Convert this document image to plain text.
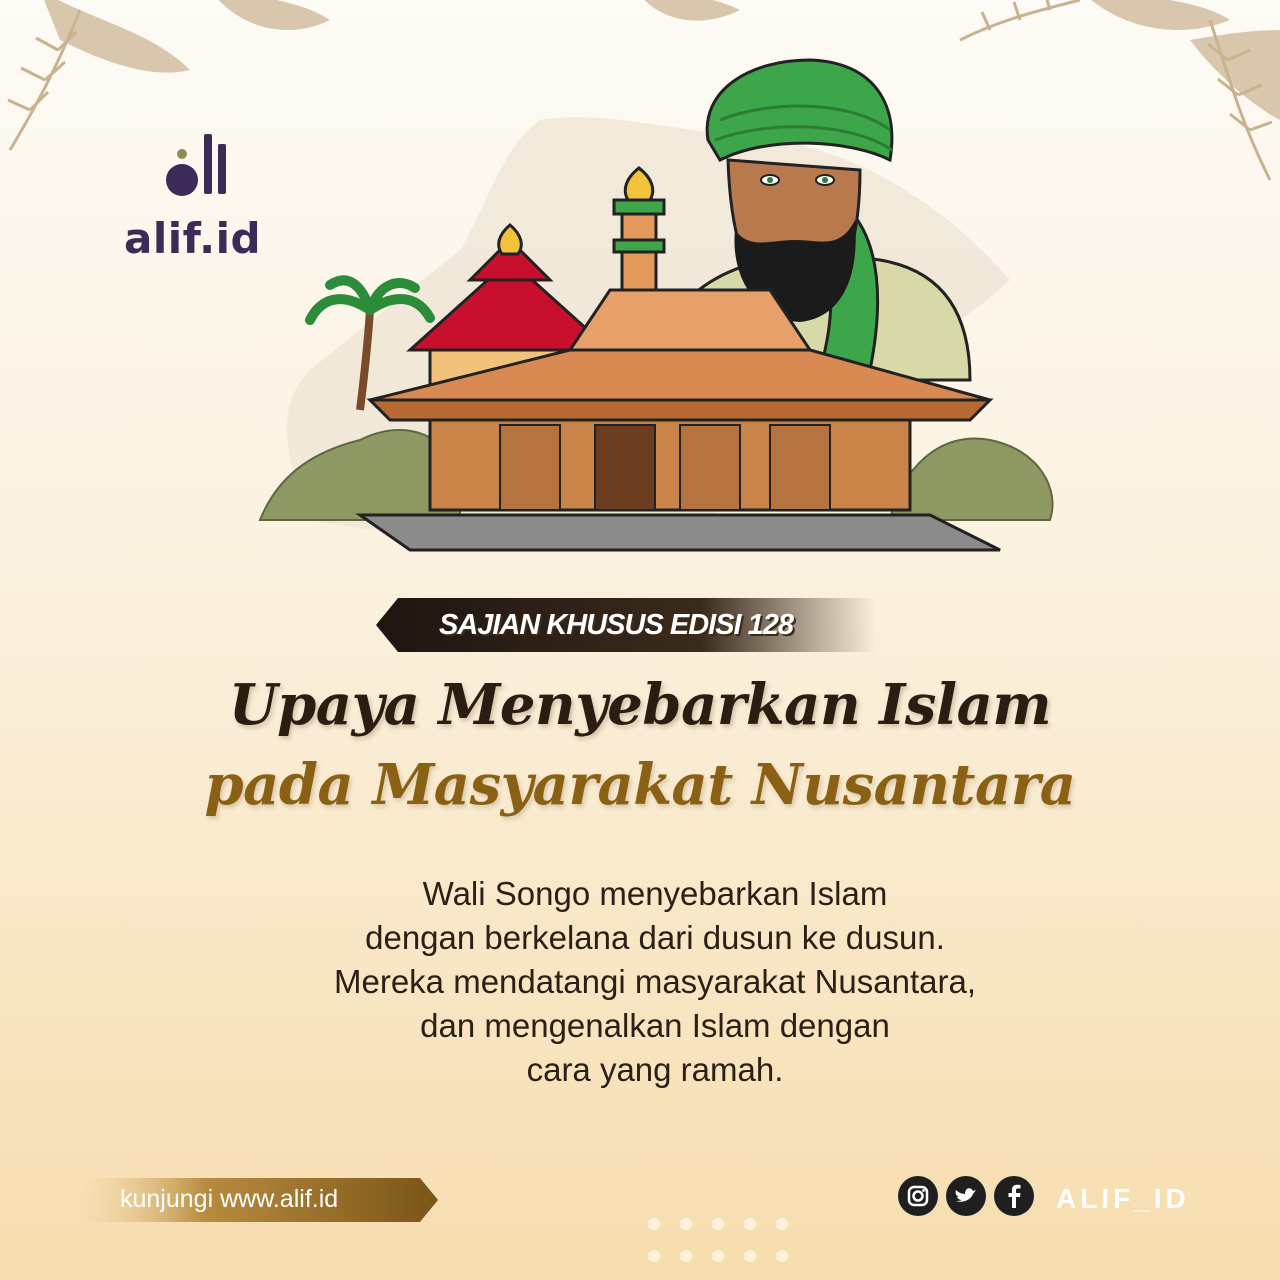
alif.id
SAJIAN KHUSUS EDISI 128
Upaya Menyebarkan Islam
pada Masyarakat Nusantara

Wali Songo menyebarkan Islam
dengan berkelana dari dusun ke dusun.
Mereka mendatangi masyarakat Nusantara,
dan mengenalkan Islam dengan
cara yang ramah.

kunjungi www.alif.id	ALIF_ID
